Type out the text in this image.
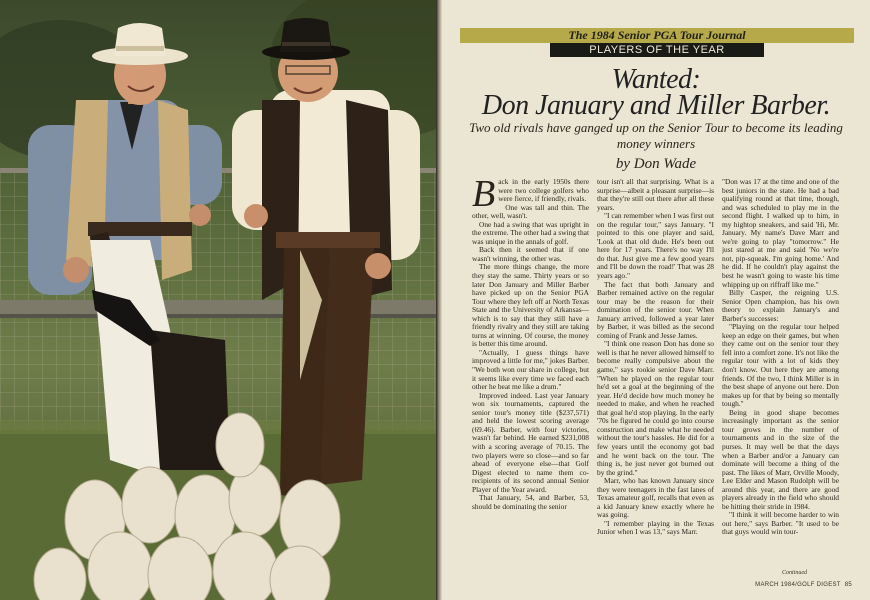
The 1984 Senior PGA Tour Journal
PLAYERS OF THE YEAR
Wanted:
Don January and Miller Barber.
Two old rivals have ganged up on the Senior Tour to become its leading money winners
by Don Wade

Back in the early 1950s there were two college golfers who were fierce, if friendly, rivals.

One was tall and thin. The other, well, wasn't.

One had a swing that was upright in the extreme. The other had a swing that was unique in the annals of golf.

Back then it seemed that if one wasn't winning, the other was.

The more things change, the more they stay the same. Thirty years or so later Don January and Miller Barber have picked up on the Senior PGA Tour where they left off at North Texas State and the University of Arkansas—which is to say that they still have a friendly rivalry and they still are taking turns at winning. Of course, the money is better this time around.

"Actually, I guess things have improved a little for me," jokes Barber. "We both won our share in college, but it seems like every time we faced each other he beat me like a drum."

Improved indeed. Last year January won six tournaments, captured the senior tour's money title ($237,571) and held the lowest scoring average (69.46). Barber, with four victories, wasn't far behind. He earned $231,008 with a scoring average of 70.15. The two players were so close—and so far ahead of everyone else—that Golf Digest elected to name them co-recipients of its second annual Senior Player of the Year award.

That January, 54, and Barber, 53, should be dominating the senior

tour isn't all that surprising. What is a surprise—albeit a pleasant surprise—is that they're still out there after all these years.

"I can remember when I was first out on the regular tour," says January. "I pointed to this one player and said, 'Look at that old dude. He's been out here for 17 years. There's no way I'll do that. Just give me a few good years and I'll be down the road!' That was 28 years ago."

The fact that both January and Barber remained active on the regular tour may be the reason for their domination of the senior tour. When January arrived, followed a year later by Barber, it was billed as the second coming of Frank and Jesse James.

"I think one reason Don has done so well is that he never allowed himself to become really compulsive about the game," says rookie senior Dave Marr. "When he played on the regular tour he'd set a goal at the beginning of the year. He'd decide how much money he needed to make, and when he reached that goal he'd stop playing. In the early '70s he figured he could go into course construction and make what he needed without the tour's hassles. He did for a few years until the economy got bad and he went back on the tour. The thing is, he just never got burned out by the grind."

Marr, who has known January since they were teenagers in the fast lanes of Texas amateur golf, recalls that even as a kid January knew exactly where he was going.

"I remember playing in the Texas Junior when I was 13," says Marr.

"Don was 17 at the time and one of the best juniors in the state. He had a bad qualifying round at that time, though, and was scheduled to play me in the second flight. I walked up to him, in my hightop sneakers, and said 'Hi, Mr. January. My name's Dave Marr and we're going to play "tomorrow." He just stared at me and said 'No we're not, pip-squeak. I'm going home.' And he did. If he couldn't play against the best he wasn't going to waste his time whipping up on riffraff like me."

Billy Casper, the reigning U.S. Senior Open champion, has his own theory to explain January's and Barber's successes:

"Playing on the regular tour helped keep an edge on their games, but when they came out on the senior tour they fell into a comfort zone. It's not like the regular tour with a lot of kids they don't know. Out here they are among friends. Of the two, I think Miller is in the best shape of anyone out here. Don makes up for that by being so mentally tough."

Being in good shape becomes increasingly important as the senior tour grows in the number of tournaments and in the size of the purses. It may well be that the days when a Barber and/or a January can dominate will become a thing of the past. The likes of Marr, Orville Moody, Lee Elder and Mason Rudolph will be around this year, and there are good players already in the field who should be hitting their stride in 1984.

"I think it will become harder to win out here," says Barber. "It used to be that guys would win tour-

Continued
MARCH 1984/GOLF DIGEST 85
